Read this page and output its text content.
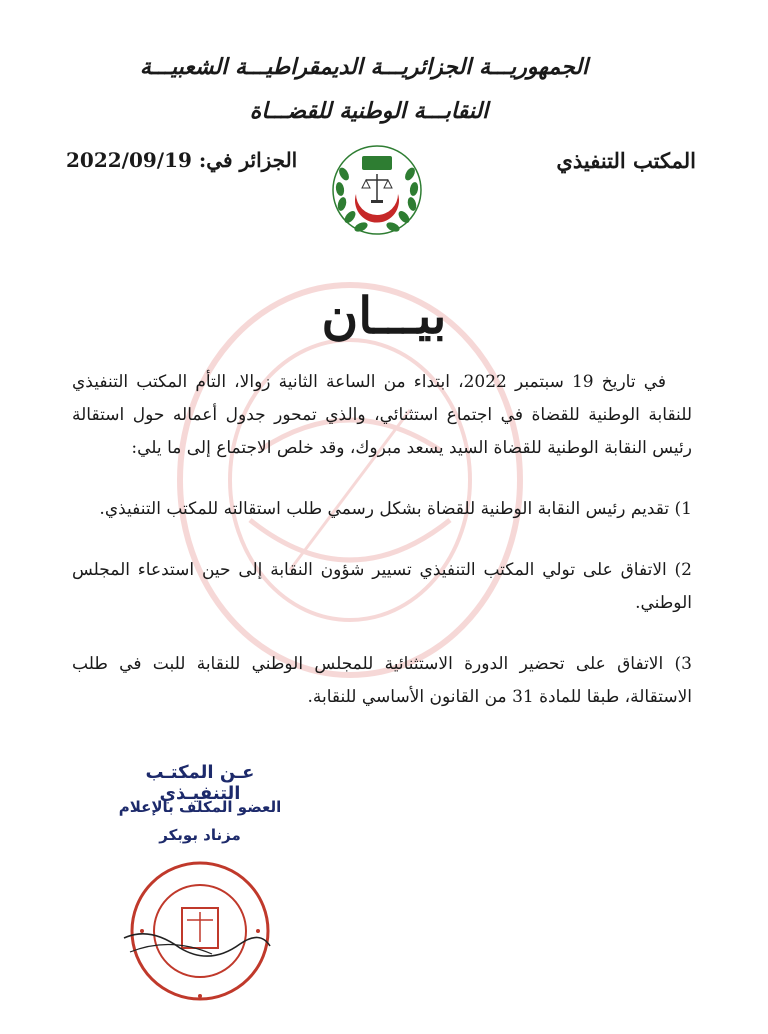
الجمهوريـــة الجزائريـــة الديمقراطيـــة الشعبيـــة
النقابـــة الوطنية للقضـــاة
المكتب التنفيذي
الجزائر في: 2022/09/19
بيـــان

في تاريخ 19 سبتمبر 2022، ابتداء من الساعة الثانية زوالا، التأم المكتب التنفيذي للنقابة الوطنية للقضاة في اجتماع استثنائي، والذي تمحور جدول أعماله حول استقالة رئيس النقابة الوطنية للقضاة السيد يسعد مبروك، وقد خلص الاجتماع إلى ما يلي:

1) تقديم رئيس النقابة الوطنية للقضاة بشكل رسمي طلب استقالته للمكتب التنفيذي.

2) الاتفاق على تولي المكتب التنفيذي تسيير شؤون النقابة إلى حين استدعاء المجلس الوطني.

3) الاتفاق على تحضير الدورة الاستثنائية للمجلس الوطني للنقابة للبت في طلب الاستقالة، طبقا للمادة 31 من القانون الأساسي للنقابة.

عـن المكتـب التنفيـذي
العضو المكلف بالإعلام
مزناد بوبكر
